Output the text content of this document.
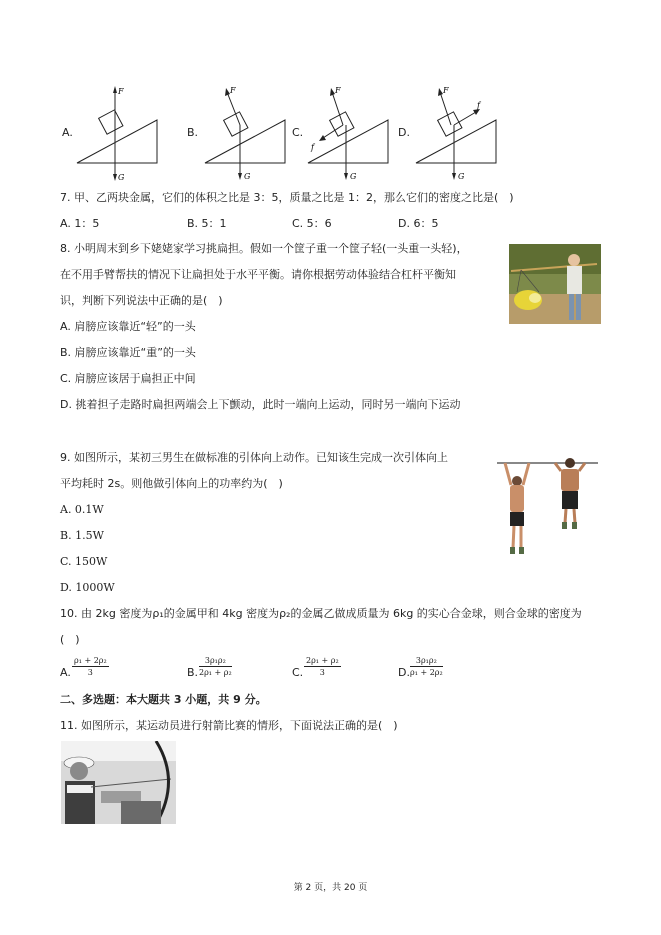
A.
F
G
B.
F
G
C.
F
f
G
D.
F
f
G
7. 甲、乙两块金属，它们的体积之比是 3：5，质量之比是 1：2，那么它们的密度之比是(　)
A. 1：5	B. 5：1	C. 5：6	D. 6：5
8. 小明周末到乡下姥姥家学习挑扁担。假如一个筐子重一个筐子轻(一头重一头轻)，
在不用手臂帮扶的情况下让扁担处于水平平衡。请你根据劳动体验结合杠杆平衡知
识，判断下列说法中正确的是(　)
A. 肩膀应该靠近“轻”的一头
B. 肩膀应该靠近“重”的一头
C. 肩膀应该居于扁担正中间
D. 挑着担子走路时扁担两端会上下颤动，此时一端向上运动，同时另一端向下运动
9. 如图所示，某初三男生在做标准的引体向上动作。已知该生完成一次引体向上
平均耗时 2s。则他做引体向上的功率约为(　)
A. 0.1W
B. 1.5W
C. 150W
D. 1000W
10. 由 2kg 密度为ρ₁的金属甲和 4kg 密度为ρ₂的金属乙做成质量为 6kg 的实心合金球，则合金球的密度为
(　)
A. $\frac{\text{ρ₁ + 2ρ₂}}{3}$	B. $\frac{\text{3ρ₁ρ₂}}{\text{2ρ₁ + ρ₂}}$	C. $\frac{\text{2ρ₁ + ρ₂}}{3}$	D. $\frac{\text{3ρ₁ρ₂}}{\text{ρ₁ + 2ρ₂}}$
二、多选题：本大题共 3 小题，共 9 分。
11. 如图所示，某运动员进行射箭比赛的情形，下面说法正确的是(　)
第 2 页，共 20 页
